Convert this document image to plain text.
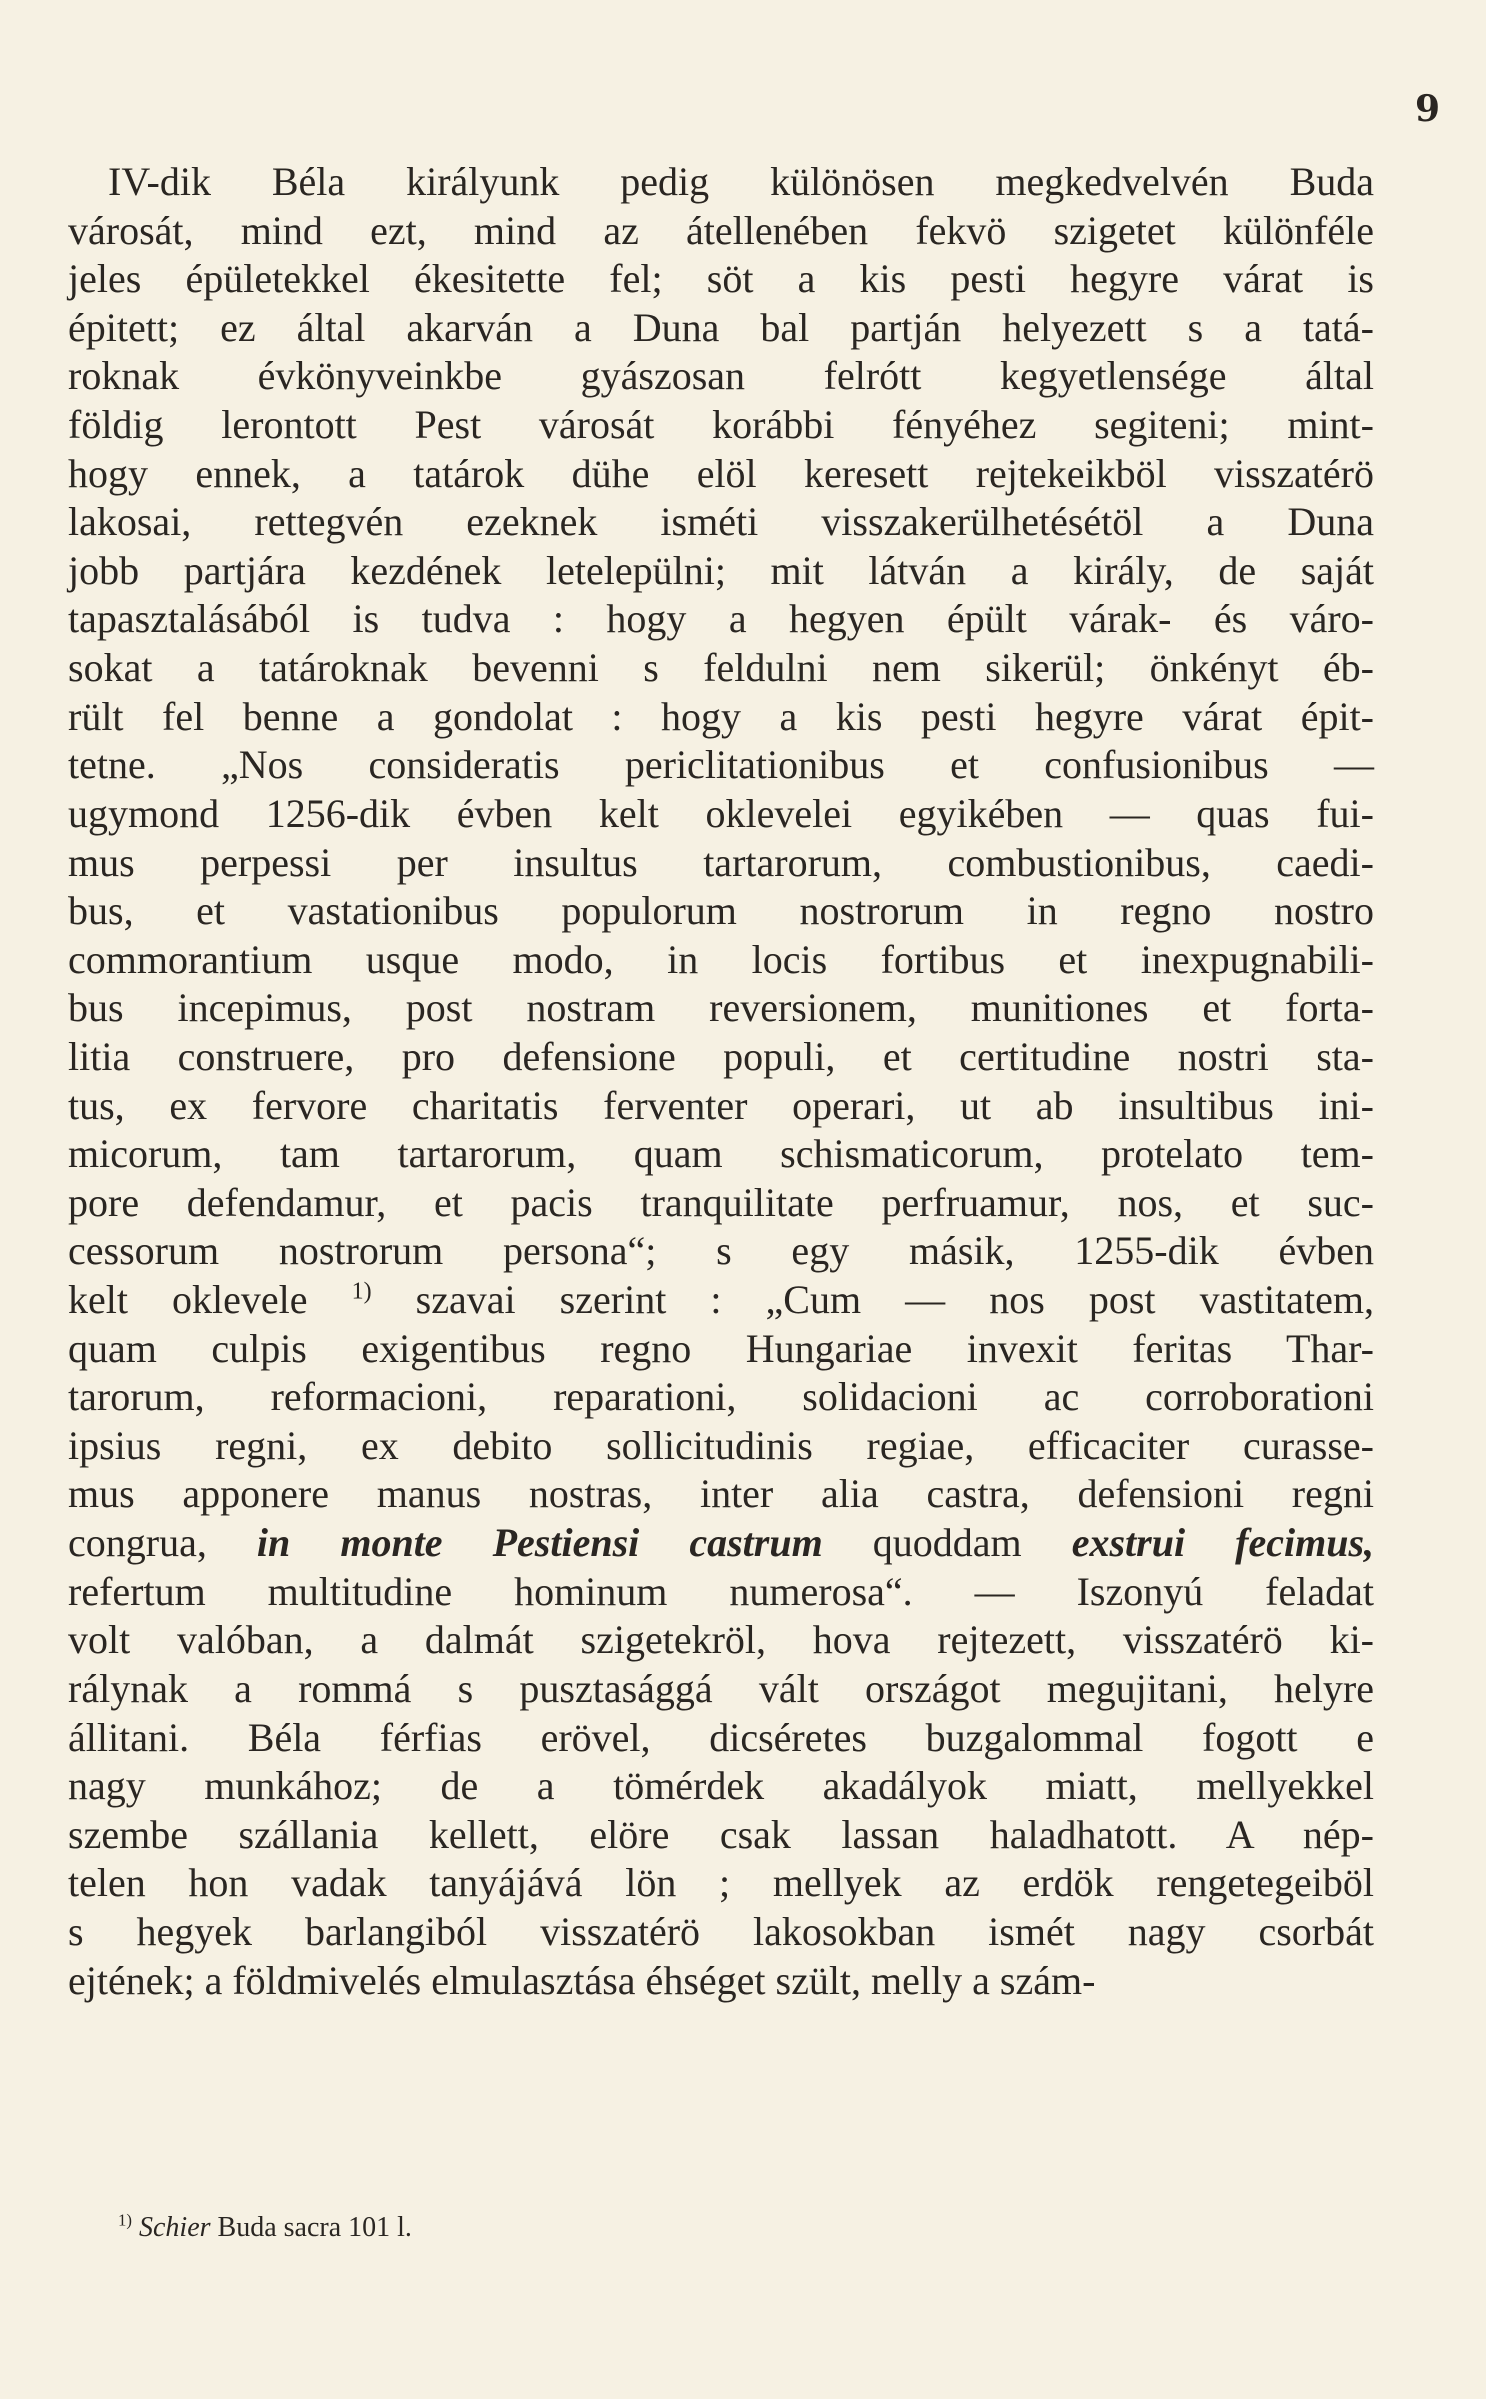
9
IV-dik Béla királyunk pedig különösen megkedvelvén Buda
városát, mind ezt, mind az átellenében fekvö szigetet különféle
jeles épületekkel ékesitette fel; söt a kis pesti hegyre várat is
épitett; ez által akarván a Duna bal partján helyezett s a tatá-
roknak évkönyveinkbe gyászosan felrótt kegyetlensége által
földig lerontott Pest városát korábbi fényéhez segiteni; mint-
hogy ennek, a tatárok dühe elöl keresett rejtekeikböl visszatérö
lakosai, rettegvén ezeknek isméti visszakerülhetésétöl a Duna
jobb partjára kezdének letelepülni; mit látván a király, de saját
tapasztalásából is tudva : hogy a hegyen épült várak- és váro-
sokat a tatároknak bevenni s feldulni nem sikerül; önkényt éb-
rült fel benne a gondolat : hogy a kis pesti hegyre várat épit-
tetne. „Nos consideratis periclitationibus et confusionibus —
ugymond 1256-dik évben kelt oklevelei egyikében — quas fui-
mus perpessi per insultus tartarorum, combustionibus, caedi-
bus, et vastationibus populorum nostrorum in regno nostro
commorantium usque modo, in locis fortibus et inexpugnabili-
bus incepimus, post nostram reversionem, munitiones et forta-
litia construere, pro defensione populi, et certitudine nostri sta-
tus, ex fervore charitatis ferventer operari, ut ab insultibus ini-
micorum, tam tartarorum, quam schismaticorum, protelato tem-
pore defendamur, et pacis tranquilitate perfruamur, nos, et suc-
cessorum nostrorum persona“; s egy másik, 1255-dik évben
kelt oklevele $^{1)}$ szavai szerint : „Cum — nos post vastitatem,
quam culpis exigentibus regno Hungariae invexit feritas Thar-
tarorum, reformacioni, reparationi, solidacioni ac corroborationi
ipsius regni, ex debito sollicitudinis regiae, efficaciter curasse-
mus apponere manus nostras, inter alia castra, defensioni regni
congrua, in monte Pestiensi castrum quoddam exstrui fecimus,
refertum multitudine hominum numerosa“. — Iszonyú feladat
volt valóban, a dalmát szigetekröl, hova rejtezett, visszatérö ki-
rálynak a rommá s pusztasággá vált országot megujitani, helyre
állitani. Béla férfias erövel, dicséretes buzgalommal fogott e
nagy munkához; de a tömérdek akadályok miatt, mellyekkel
szembe szállania kellett, elöre csak lassan haladhatott. A nép-
telen hon vadak tanyájává lön ; mellyek az erdök rengetegeiböl
s hegyek barlangiból visszatérö lakosokban ismét nagy csorbát
ejtének; a földmivelés elmulasztása éhséget szült, melly a szám-
$^{1)}$ Schier Buda sacra 101 l.
